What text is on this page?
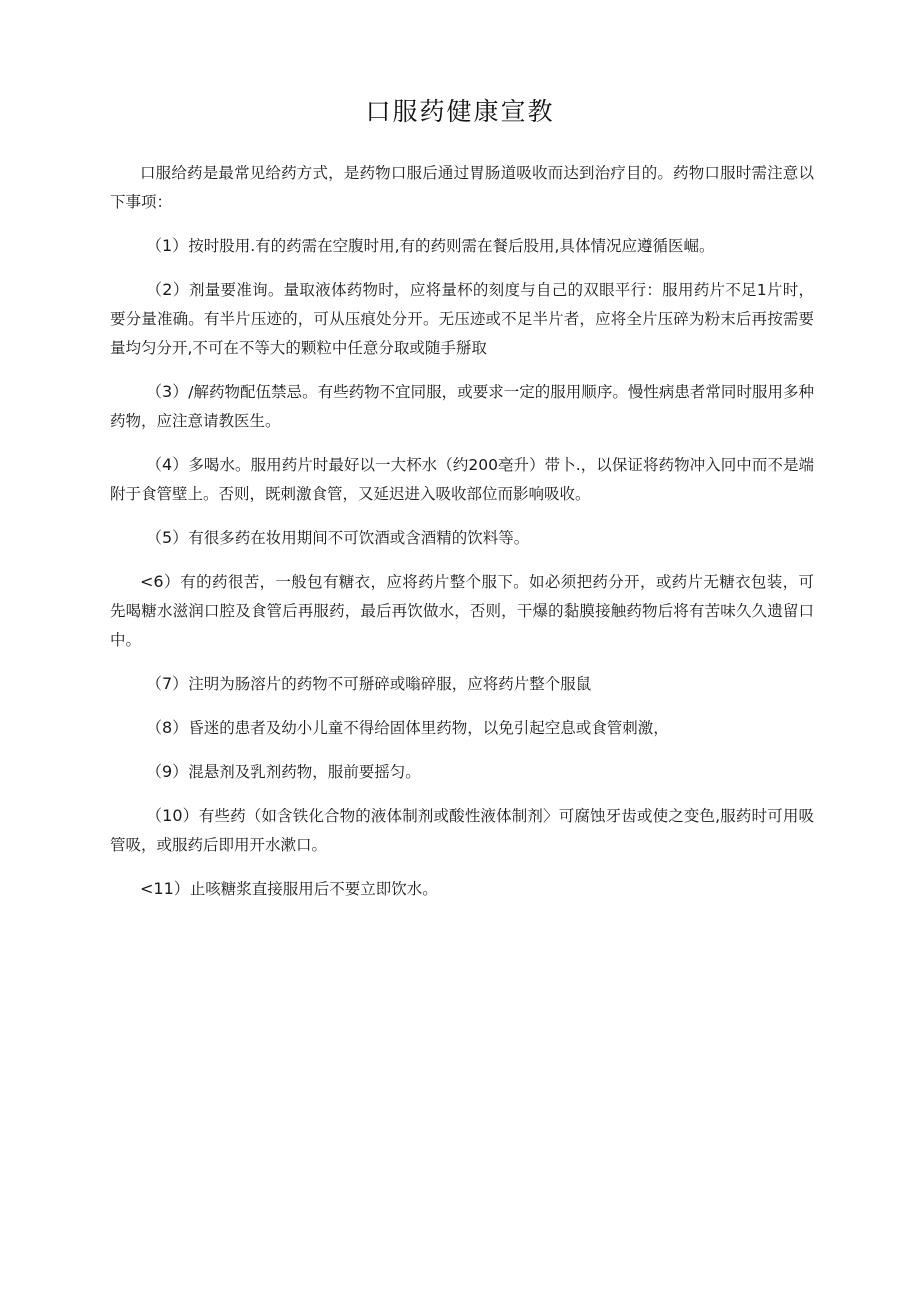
口服药健康宣教

口服给药是最常见给药方式，是药物口服后通过胃肠道吸收而达到治疗目的。药物口服时需注意以下事项：

（1）按时股用.有的药需在空腹时用,有的药则需在餐后股用,具体情况应遵循医崛。

（2）剂量要准询。量取液体药物时，应将量杯的刻度与自己的双眼平行：服用药片不足1片时，要分量准确。有半片压迹的，可从压痕处分开。无压迹或不足半片者，应将全片压碎为粉末后再按需要量均匀分开,不可在不等大的颗粒中任意分取或随手掰取

（3）/解药物配伍禁忌。有些药物不宜同服，或要求一定的服用顺序。慢性病患者常同时服用多种药物，应注意请教医生。

（4）多喝水。服用药片时最好以一大杯水（约200亳升）带卜.，以保证将药物冲入冋中而不是端附于食管壁上。否则，既刺激食管，又延迟进入吸收部位而影响吸收。

（5）有很多药在妆用期间不可饮酒或含酒精的饮料等。

<6）有的药很苦，一般包有糖衣，应将药片整个服下。如必须把药分开，或药片无糖衣包装，可先喝糖水滋润口腔及食管后再服药，最后再饮做水，否则，干爆的黏膜接触药物后将有苦味久久遗留口中。

（7）注明为肠溶片的药物不可掰碎或嗡碎服，应将药片整个服鼠

（8）昏迷的患者及幼小儿童不得给固体里药物，以免引起空息或食管刺激，

（9）混悬剂及乳剂药物，服前要摇匀。

（10）有些药（如含铁化合物的液体制剂或酸性液体制剂〉可腐蚀牙齿或使之变色,服药时可用吸管吸，或服药后即用开水漱口。

<11）止咳糖浆直接服用后不要立即饮水。
